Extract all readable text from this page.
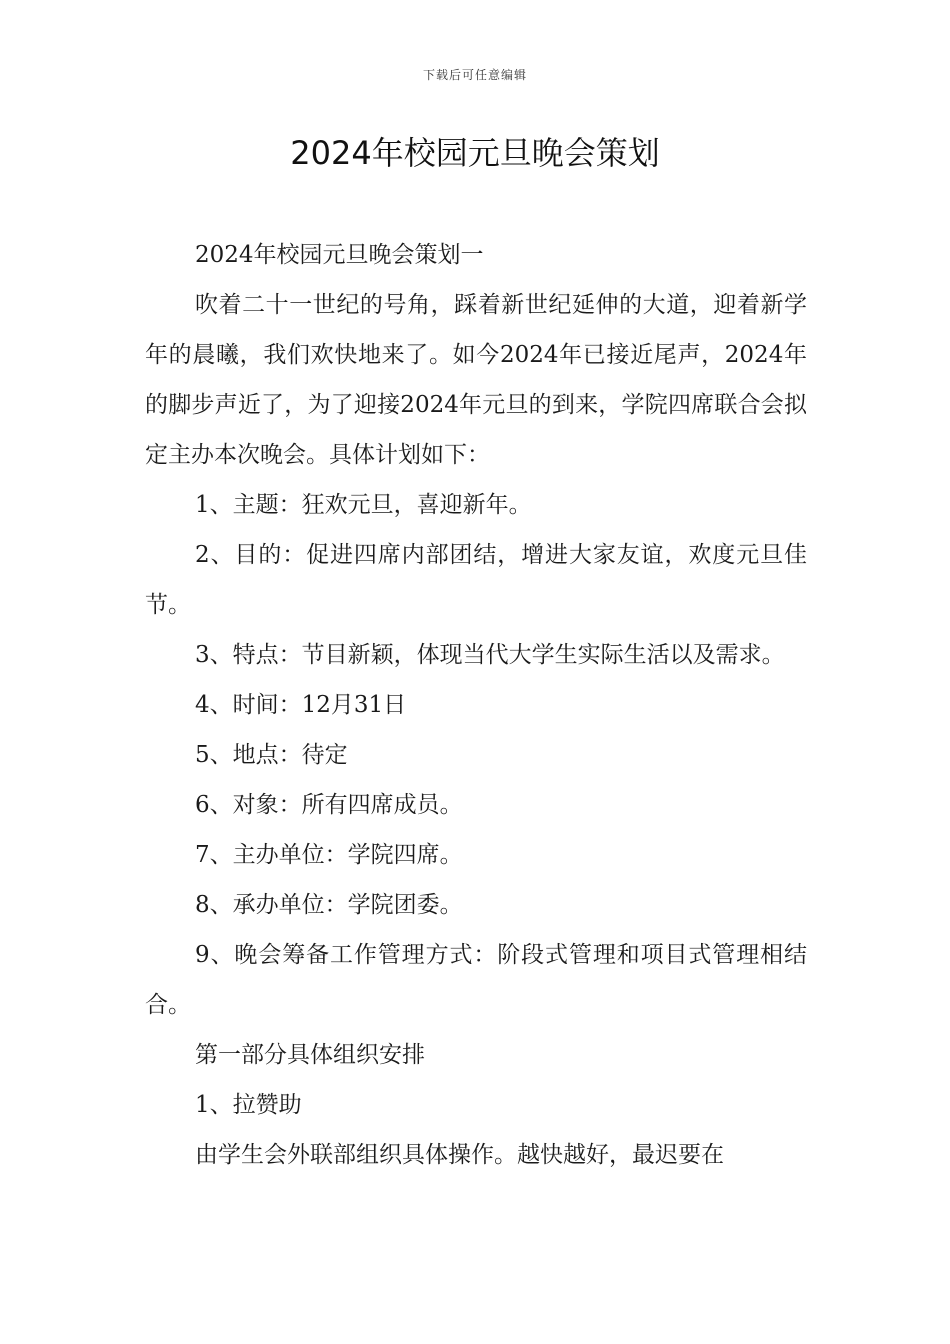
下载后可任意编辑
2024年校园元旦晚会策划

2024年校园元旦晚会策划一

吹着二十一世纪的号角，踩着新世纪延伸的大道，迎着新学年的晨曦，我们欢快地来了。如今2024年已接近尾声，2024年的脚步声近了，为了迎接2024年元旦的到来，学院四席联合会拟定主办本次晚会。具体计划如下：

1、主题：狂欢元旦，喜迎新年。

2、目的：促进四席内部团结，增进大家友谊，欢度元旦佳节。

3、特点：节目新颖，体现当代大学生实际生活以及需求。

4、时间：12月31日

5、地点：待定

6、对象：所有四席成员。

7、主办单位：学院四席。

8、承办单位：学院团委。

9、晚会筹备工作管理方式：阶段式管理和项目式管理相结合。

第一部分具体组织安排

1、拉赞助

由学生会外联部组织具体操作。越快越好，最迟要在
